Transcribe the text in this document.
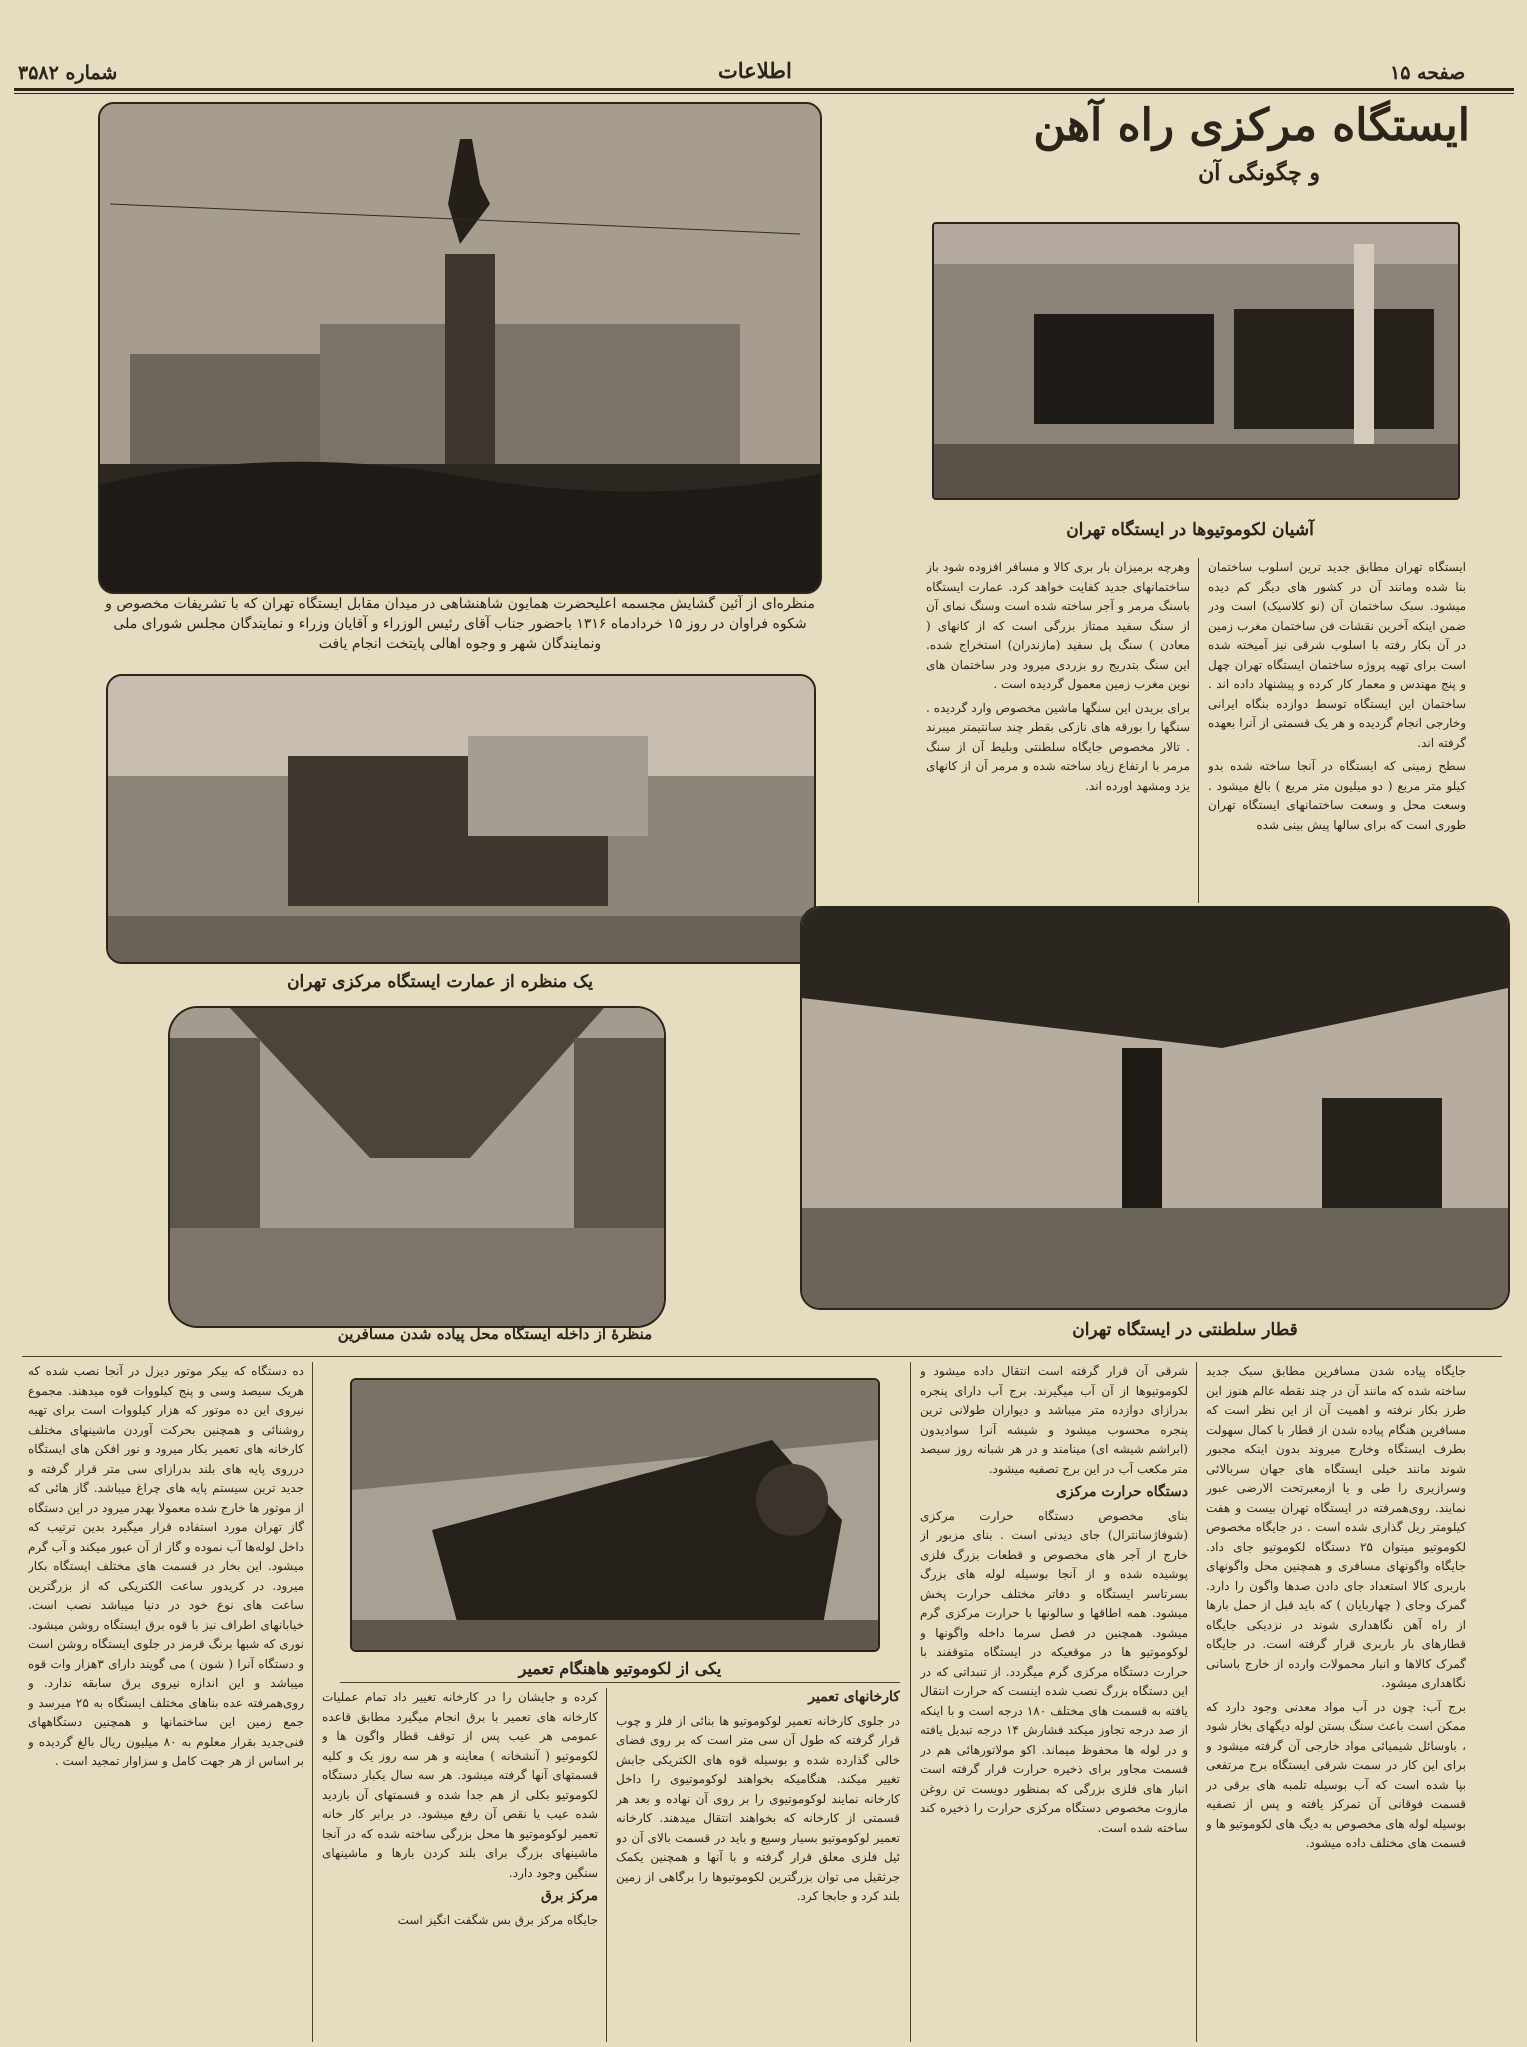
شماره ۳۵۸۲	اطلاعات	صفحه ۱۵
ایستگاه مرکزی راه آهن
و چگونگی آن
منظره‌ای از آئین گشایش مجسمه اعلیحضرت همایون شاهنشاهی در میدان مقابل ایستگاه تهران که با تشریفات مخصوص و شکوه فراوان در روز ۱۵ خردادماه ۱۳۱۶ باحضور جناب آقای رئیس الوزراء و آقایان وزراء و نمایندگان مجلس شورای ملی ونمایندگان شهر و وجوه اهالی پایتخت انجام یافت
آشیان لکوموتیوها در ایستگاه تهران

ایستگاه تهران مطابق جدید ترین اسلوب ساختمان بنا شده ومانند آن در کشور های دیگر کم دیده میشود. سبک ساختمان آن (نو کلاسیک) است ودر ضمن اینکه آخرین نقشات فن ساختمان مغرب زمین در آن بکار رفته با اسلوب شرقی نیز آمیخته شده است برای تهیه پروژه ساختمان ایستگاه تهران چهل و پنج مهندس و معمار کار کرده و پیشنهاد داده اند . ساختمان این ایستگاه توسط دوازده بنگاه ایرانی وخارجی انجام گردیده و هر یک قسمتی از آنرا بعهده گرفته اند.

سطح زمینی که ایستگاه در آنجا ساخته شده بدو کیلو متر مربع ( دو میلیون متر مربع ) بالغ میشود . وسعت محل و وسعت ساختمانهای ایستگاه تهران طوری است که برای سالها پیش بینی شده

وهرچه برمیزان بار بری کالا و مسافر افزوده شود باز ساختمانهای جدید کفایت خواهد کرد. عمارت ایستگاه باسنگ مرمر و آجر ساخته شده است وسنگ نمای آن از سنگ سفید ممتاز بزرگی است که از کانهای ( معادن ) سنگ پل سفید (مازندران) استخراج شده. این سنگ بتدریج رو بزردی میرود ودر ساختمان های نوین مغرب زمین معمول گردیده است .

برای بریدن این سنگها ماشین مخصوص وارد گردیده . سنگها را بورقه های نازکی بقطر چند سانتیمتر میبرند . تالار مخصوص جایگاه سلطنتی وبلیط آن از سنگ مرمر با ارتفاع زیاد ساخته شده و مرمر آن از کانهای یزد ومشهد اورده اند.

یک منظره از عمارت ایستگاه مرکزی تهران
قطار سلطنتی در ایستگاه تهران
منظرهٔ از داخله ایستگاه محل پیاده شدن مسافرین

جایگاه پیاده شدن مسافرین مطابق سبک جدید ساخته شده که مانند آن در چند نقطه عالم هنوز این طرز بکار نرفته و اهمیت آن از این نظر است که مسافرین هنگام پیاده شدن از قطار با کمال سهولت بطرف ایستگاه وخارج میروند بدون اینکه مجبور شوند مانند خیلی ایستگاه های جهان سربالائی وسرازیری را طی و یا ازمعبرتحت الارضی عبور نمایند. روی‌همرفته در ایستگاه تهران بیست و هفت کیلومتر ریل گذاری شده است . در جایگاه مخصوص لکوموتیو میتوان ۲۵ دستگاه لکوموتیو جای داد. جایگاه واگونهای مسافری و همچنین محل واگونهای باربری کالا استعداد جای دادن صدها واگون را دارد. گمرک وجای ( چهاربایان ) که باید قبل از حمل بارها از راه آهن نگاهداری شوند در نزدیکی جایگاه قطارهای بار باربری قرار گرفته است. در جایگاه گمرک کالاها و انبار محمولات وارده از خارج باسانی نگاهداری میشود.

برج آب: چون در آب مواد معدنی وجود دارد که ممکن است باعث سنگ بستن لوله دیگهای بخار شود ، باوسائل شیمیائی مواد خارجی آن گرفته میشود و برای این کار در سمت شرقی ایستگاه برج مرتفعی بپا شده است که آب بوسیله تلمبه های برقی در قسمت فوقانی آن تمرکز یافته و پس از تصفیه بوسیله لوله های مخصوص به دیگ های لکوموتیو ها و قسمت های مختلف داده میشود.

شرقی آن قرار گرفته است انتقال داده میشود و لکوموتیوها از آن آب میگیرند. برج آب دارای پنجره بدرازای دوازده متر میباشد و دیواران طولانی ترین پنجره محسوب میشود و شیشه آنرا سوادیدون (ابراشم شیشه ای) مینامند و در هر شبانه روز سیصد متر مکعب آب در این برج تصفیه میشود.

دستگاه حرارت مرکزی

بنای مخصوص دستگاه حرارت مرکزی (شوفاژسانترال) جای دیدنی است . بنای مزبور از خارج از آجر های مخصوص و قطعات بزرگ فلزی پوشیده شده و از آنجا بوسیله لوله های بزرگ بسرتاسر ایستگاه و دفاتر مختلف حرارت پخش میشود. همه اطاقها و سالونها با حرارت مرکزی گرم میشود. همچنین در فصل سرما داخله واگونها و لوکوموتیو ها در موقعیکه در ایستگاه متوقفند با حرارت دستگاه مرکزی گرم میگردد. از تنبداتی که در این دستگاه بزرگ نصب شده اینست که حرارت انتقال یافته به قسمت های مختلف ۱۸۰ درجه است و با اینکه از صد درجه تجاوز میکند فشارش ۱۴ درجه تبدیل یافته و در لوله ها محفوظ میماند. اکو مولاتورهائی هم در قسمت مجاور برای ذخیره حرارت قرار گرفته است انبار های فلزی بزرگی که بمنظور دویست تن روغن مازوت مخصوص دستگاه مرکزی حرارت را ذخیره کند ساخته شده است.

یکی از لکوموتیو هاهنگام تعمیر

کارخانهای تعمیر

در جلوی کارخانه تعمیر لوکوموتیو ها بنائی از فلز و چوب قرار گرفته که طول آن سی متر است که بر روی فضای خالی گذارده شده و بوسیله قوه های الکتریکی جابش تغییر میکند. هنگامیکه بخواهند لوکوموتیوی را داخل کارخانه نمایند لوکوموتیوی را بر روی آن نهاده و بعد هر قسمتی از کارخانه که بخواهند انتقال میدهند. کارخانه تعمیر لوکوموتیو بسیار وسیع و باید در قسمت بالای آن دو ئیل فلزی معلق قرار گرفته و با آنها و همچنین یکمک جرثقیل می توان بزرگترین لکوموتیوها را برگاهی از زمین بلند کرد و جابجا کرد.

کرده و جایشان را در کارخانه تغییر داد تمام عملیات کارخانه های تعمیر با برق انجام میگیرد مطابق قاعده عمومی هر عیب پس از توقف قطار واگون ها و لکوموتیو ( آنشخانه ) معاینه و هر سه روز یک و کلیه قسمتهای آنها گرفته میشود. هر سه سال یکبار دستگاه لکوموتیو بکلی از هم جدا شده و قسمتهای آن بازدید شده عیب یا نقص آن رفع میشود. در برابر کار خانه تعمیر لوکوموتیو ها محل بزرگی ساخته شده که در آنجا ماشینهای بزرگ برای بلند کردن بارها و ماشینهای سنگین وجود دارد.

مرکز برق

جایگاه مرکز برق بس شگفت انگیز است

ده دستگاه که بیکر موتور دیزل در آنجا نصب شده که هریک سیصد وسی و پنج کیلووات قوه میدهند. مجموع نیروی این ده موتور که هزار کیلووات است برای تهیه روشنائی و همچنین بحرکت آوردن ماشینهای مختلف کارخانه های تعمیر بکار میرود و نور افکن های ایستگاه درروی پایه های بلند بدرازای سی متر قرار گرفته و جدید ترین سیستم پایه های چراغ میباشد. گاز هائی که از موتور ها خارج شده معمولا بهدر میرود در این دستگاه گاز تهران مورد استفاده قرار میگیرد بدین ترتیب که داخل لوله‌ها آب نموده و گاز از آن عبور میکند و آب گرم میشود. این بخار در قسمت های مختلف ایستگاه بکار میرود. در کریدور ساعت الکتریکی که از بزرگترین ساعت های نوع خود در دنیا میباشد نصب است. خیابانهای اطراف نیز با قوه برق ایستگاه روشن میشود. نوری که شبها برنگ قرمز در جلوی ایستگاه روشن است و دستگاه آنرا ( شون ) می گویند دارای ۳هزار وات قوه میباشد و این اندازه نیروی برق سابقه ندارد. و روی‌همرفته عده بناهای مختلف ایستگاه به ۲۵ میرسد و جمع زمین این ساختمانها و همچنین دستگاههای فنی‌جدید بقرار معلوم به ۸۰ میلیون ریال بالغ گردیده و بر اساس از هر جهت کامل و سزاوار تمجید است .
